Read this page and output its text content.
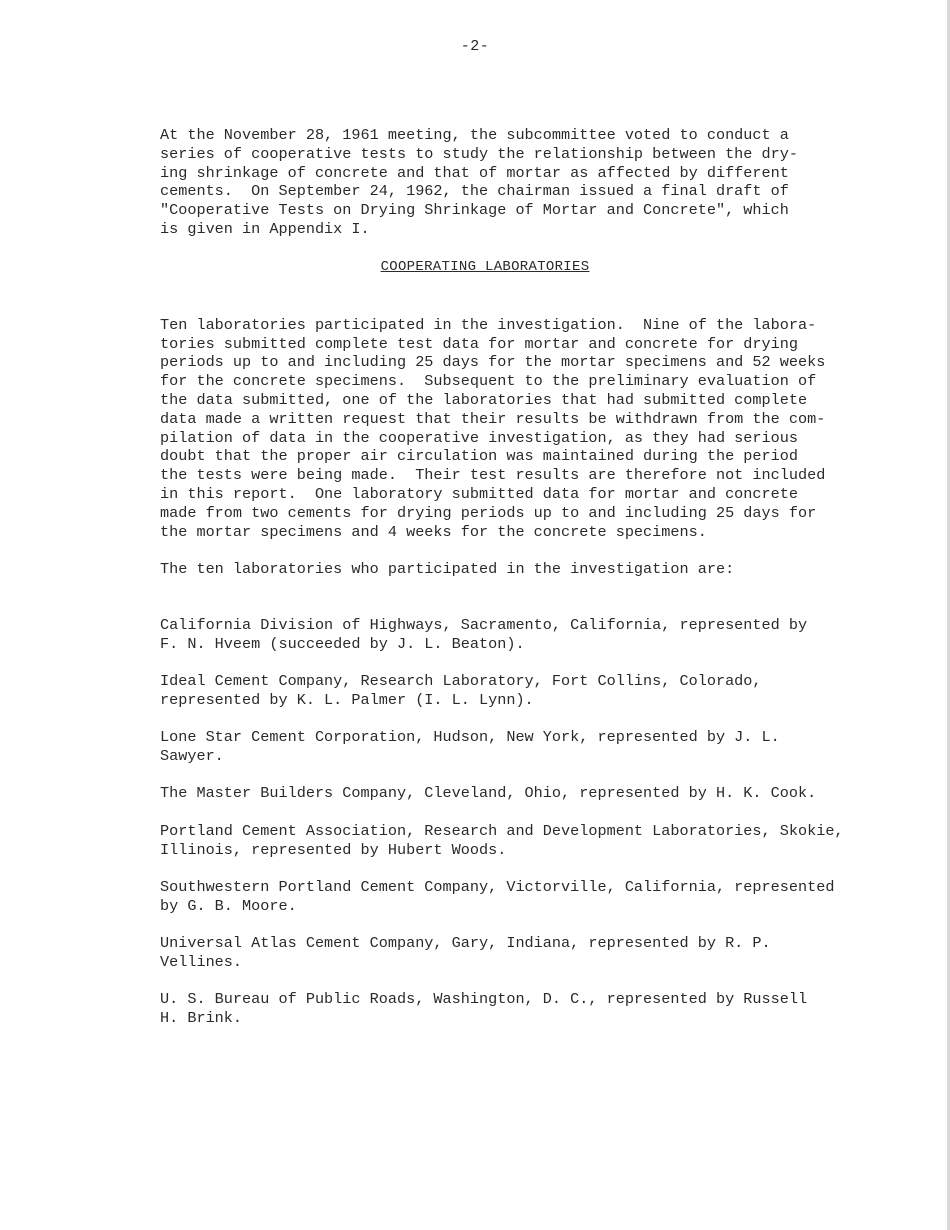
-2-

At the November 28, 1961 meeting, the subcommittee voted to conduct a
series of cooperative tests to study the relationship between the dry-
ing shrinkage of concrete and that of mortar as affected by different
cements.  On September 24, 1962, the chairman issued a final draft of
"Cooperative Tests on Drying Shrinkage of Mortar and Concrete", which
is given in Appendix I.

COOPERATING LABORATORIES

Ten laboratories participated in the investigation.  Nine of the labora-
tories submitted complete test data for mortar and concrete for drying
periods up to and including 25 days for the mortar specimens and 52 weeks
for the concrete specimens.  Subsequent to the preliminary evaluation of
the data submitted, one of the laboratories that had submitted complete
data made a written request that their results be withdrawn from the com-
pilation of data in the cooperative investigation, as they had serious
doubt that the proper air circulation was maintained during the period
the tests were being made.  Their test results are therefore not included
in this report.  One laboratory submitted data for mortar and concrete
made from two cements for drying periods up to and including 25 days for
the mortar specimens and 4 weeks for the concrete specimens.

The ten laboratories who participated in the investigation are:

California Division of Highways, Sacramento, California, represented by
F. N. Hveem (succeeded by J. L. Beaton).

Ideal Cement Company, Research Laboratory, Fort Collins, Colorado,
represented by K. L. Palmer (I. L. Lynn).

Lone Star Cement Corporation, Hudson, New York, represented by J. L.
Sawyer.

The Master Builders Company, Cleveland, Ohio, represented by H. K. Cook.

Portland Cement Association, Research and Development Laboratories, Skokie,
Illinois, represented by Hubert Woods.

Southwestern Portland Cement Company, Victorville, California, represented
by G. B. Moore.

Universal Atlas Cement Company, Gary, Indiana, represented by R. P.
Vellines.

U. S. Bureau of Public Roads, Washington, D. C., represented by Russell
H. Brink.
